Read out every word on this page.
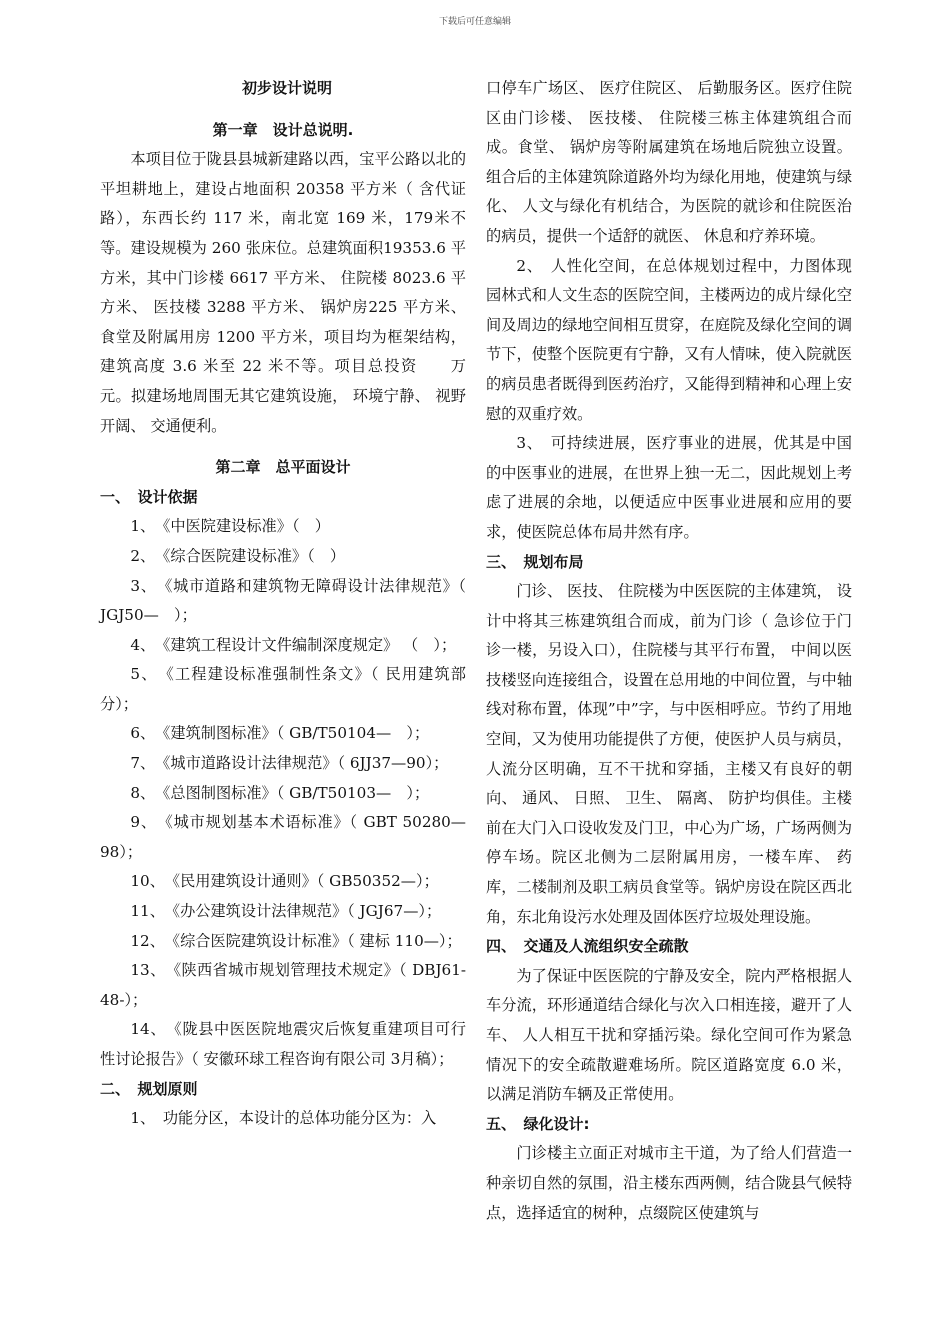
下载后可任意编辑
初步设计说明
第一章　设计总说明.

本项目位于陇县县城新建路以西，宝平公路以北的平坦耕地上，建设占地面积 20358 平方米（ 含代证路），东西长约 117 米，南北宽 169 米，179米不等。建设规模为 260 张床位。总建筑面积19353.6 平方米，其中门诊楼 6617 平方米、 住院楼 8023.6 平方米、 医技楼 3288 平方米、 锅炉房225 平方米、 食堂及附属用房 1200 平方米，项目均为框架结构，建筑高度 3.6 米至 22 米不等。项目总投资　　万元。拟建场地周围无其它建筑设施， 环境宁静、 视野开阔、 交通便利。

第二章　总平面设计
一、　设计依据

1、　《中医院建设标准》（　）

2、　《综合医院建设标准》（　）

3、　《城市道路和建筑物无障碍设计法律规范》（ JGJ50—　）；

4、　《建筑工程设计文件编制深度规定》 （　）；

5、　《工程建设标准强制性条文》（ 民用建筑部分）；

6、　《建筑制图标准》（ GB/T50104—　）；

7、　《城市道路设计法律规范》（ 6JJ37—90）；

8、　《总图制图标准》（ GB/T50103—　）；

9、　《城市规划基本术语标准》（ GBT 50280—98）；

10、　《民用建筑设计通则》（ GB50352—）；

11、　《办公建筑设计法律规范》（ JGJ67—）；

12、　《综合医院建筑设计标准》（ 建标 110—）；

13、　《陕西省城市规划管理技术规定》（ DBJ61-48-）；

14、　《陇县中医医院地震灾后恢复重建项目可行性讨论报告》（ 安徽环球工程咨询有限公司 3月稿）；

二、　规划原则

1、　功能分区，本设计的总体功能分区为：入

口停车广场区、 医疗住院区、 后勤服务区。医疗住院区由门诊楼、 医技楼、 住院楼三栋主体建筑组合而成。食堂、 锅炉房等附属建筑在场地后院独立设置。组合后的主体建筑除道路外均为绿化用地，使建筑与绿化、 人文与绿化有机结合，为医院的就诊和住院医治的病员，提供一个适舒的就医、 休息和疗养环境。

2、　人性化空间，在总体规划过程中，力图体现园林式和人文生态的医院空间，主楼两边的成片绿化空间及周边的绿地空间相互贯穿，在庭院及绿化空间的调节下，使整个医院更有宁静，又有人情味，使入院就医的病员患者既得到医药治疗，又能得到精神和心理上安慰的双重疗效。

3、　可持续进展，医疗事业的进展，优其是中国的中医事业的进展，在世界上独一无二，因此规划上考虑了进展的余地，以便适应中医事业进展和应用的要求，使医院总体布局井然有序。

三、　规划布局

门诊、 医技、 住院楼为中医医院的主体建筑， 设计中将其三栋建筑组合而成，前为门诊（ 急诊位于门诊一楼，另设入口），住院楼与其平行布置， 中间以医技楼竖向连接组合，设置在总用地的中间位置，与中轴线对称布置，体现”中”字，与中医相呼应。节约了用地空间，又为使用功能提供了方便，使医护人员与病员，人流分区明确，互不干扰和穿插，主楼又有良好的朝向、 通风、 日照、 卫生、 隔离、 防护均俱佳。主楼前在大门入口设收发及门卫，中心为广场，广场两侧为停车场。院区北侧为二层附属用房，一楼车库、 药库，二楼制剂及职工病员食堂等。锅炉房设在院区西北角，东北角设污水处理及固体医疗垃圾处理设施。

四、　交通及人流组织安全疏散

为了保证中医医院的宁静及安全，院内严格根据人车分流，环形通道结合绿化与次入口相连接，避开了人车、 人人相互干扰和穿插污染。绿化空间可作为紧急情况下的安全疏散避难场所。院区道路宽度 6.0 米，以满足消防车辆及正常使用。

五、　绿化设计:

门诊楼主立面正对城市主干道，为了给人们营造一种亲切自然的氛围，沿主楼东西两侧，结合陇县气候特点，选择适宜的树种，点缀院区使建筑与
